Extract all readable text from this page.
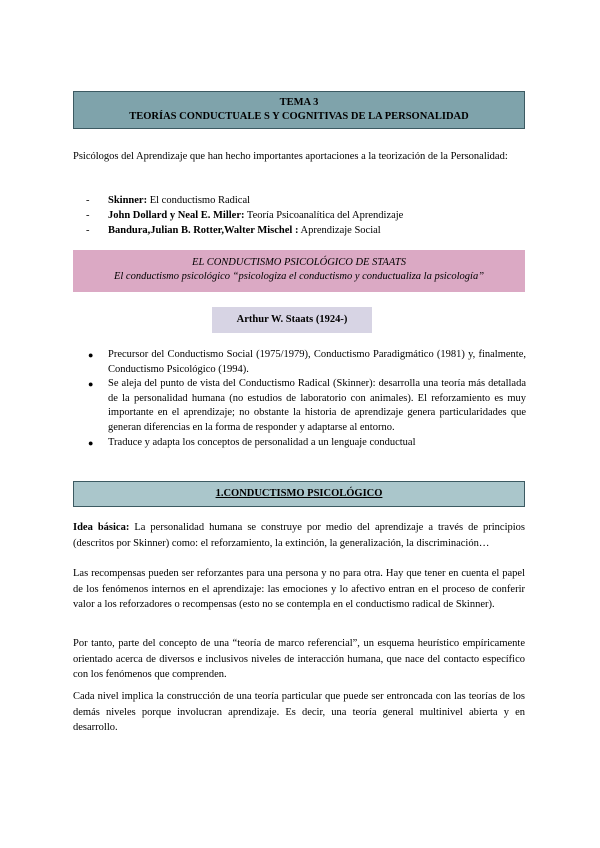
TEMA 3
TEORÍAS CONDUCTUALE S Y COGNITIVAS DE LA PERSONALIDAD
Psicólogos del Aprendizaje que han hecho importantes aportaciones a la teorización de la Personalidad:
- Skinner: El conductismo Radical
- John Dollard y Neal E. Miller: Teoría Psicoanalítica del Aprendizaje
- Bandura,Julian B. Rotter,Walter Mischel : Aprendizaje Social
EL CONDUCTISMO PSICOLÓGICO DE STAATS
El conductismo psicológico “psicologiza el conductismo y conductualiza la psicología”
Arthur W. Staats (1924-)
● Precursor del Conductismo Social (1975/1979), Conductismo Paradigmático (1981) y, finalmente, Conductismo Psicológico (1994).
● Se aleja del punto de vista del Conductismo Radical (Skinner): desarrolla una teoría más detallada de la personalidad humana (no estudios de laboratorio con animales). El reforzamiento es muy importante en el aprendizaje; no obstante la historia de aprendizaje genera particularidades que generan diferencias en la forma de responder y adaptarse al entorno.
● Traduce y adapta los conceptos de personalidad a un lenguaje conductual
1.CONDUCTISMO PSICOLÓGICO
Idea básica: La personalidad humana se construye por medio del aprendizaje a través de principios (descritos por Skinner) como: el reforzamiento, la extinción, la generalización, la discriminación…
Las recompensas pueden ser reforzantes para una persona y no para otra. Hay que tener en cuenta el papel de los fenómenos internos en el aprendizaje: las emociones y lo afectivo entran en el proceso de conferir valor a los reforzadores o recompensas (esto no se contempla en el conductismo radical de Skinner).
Por tanto, parte del concepto de una “teoría de marco referencial”, un esquema heurístico empíricamente orientado acerca de diversos e inclusivos niveles de interacción humana, que nace del contacto específico con los fenómenos que comprenden.
Cada nivel implica la construcción de una teoría particular que puede ser entroncada con las teorías de los demás niveles porque involucran aprendizaje. Es decir, una teoría general multinivel abierta y en desarrollo.
